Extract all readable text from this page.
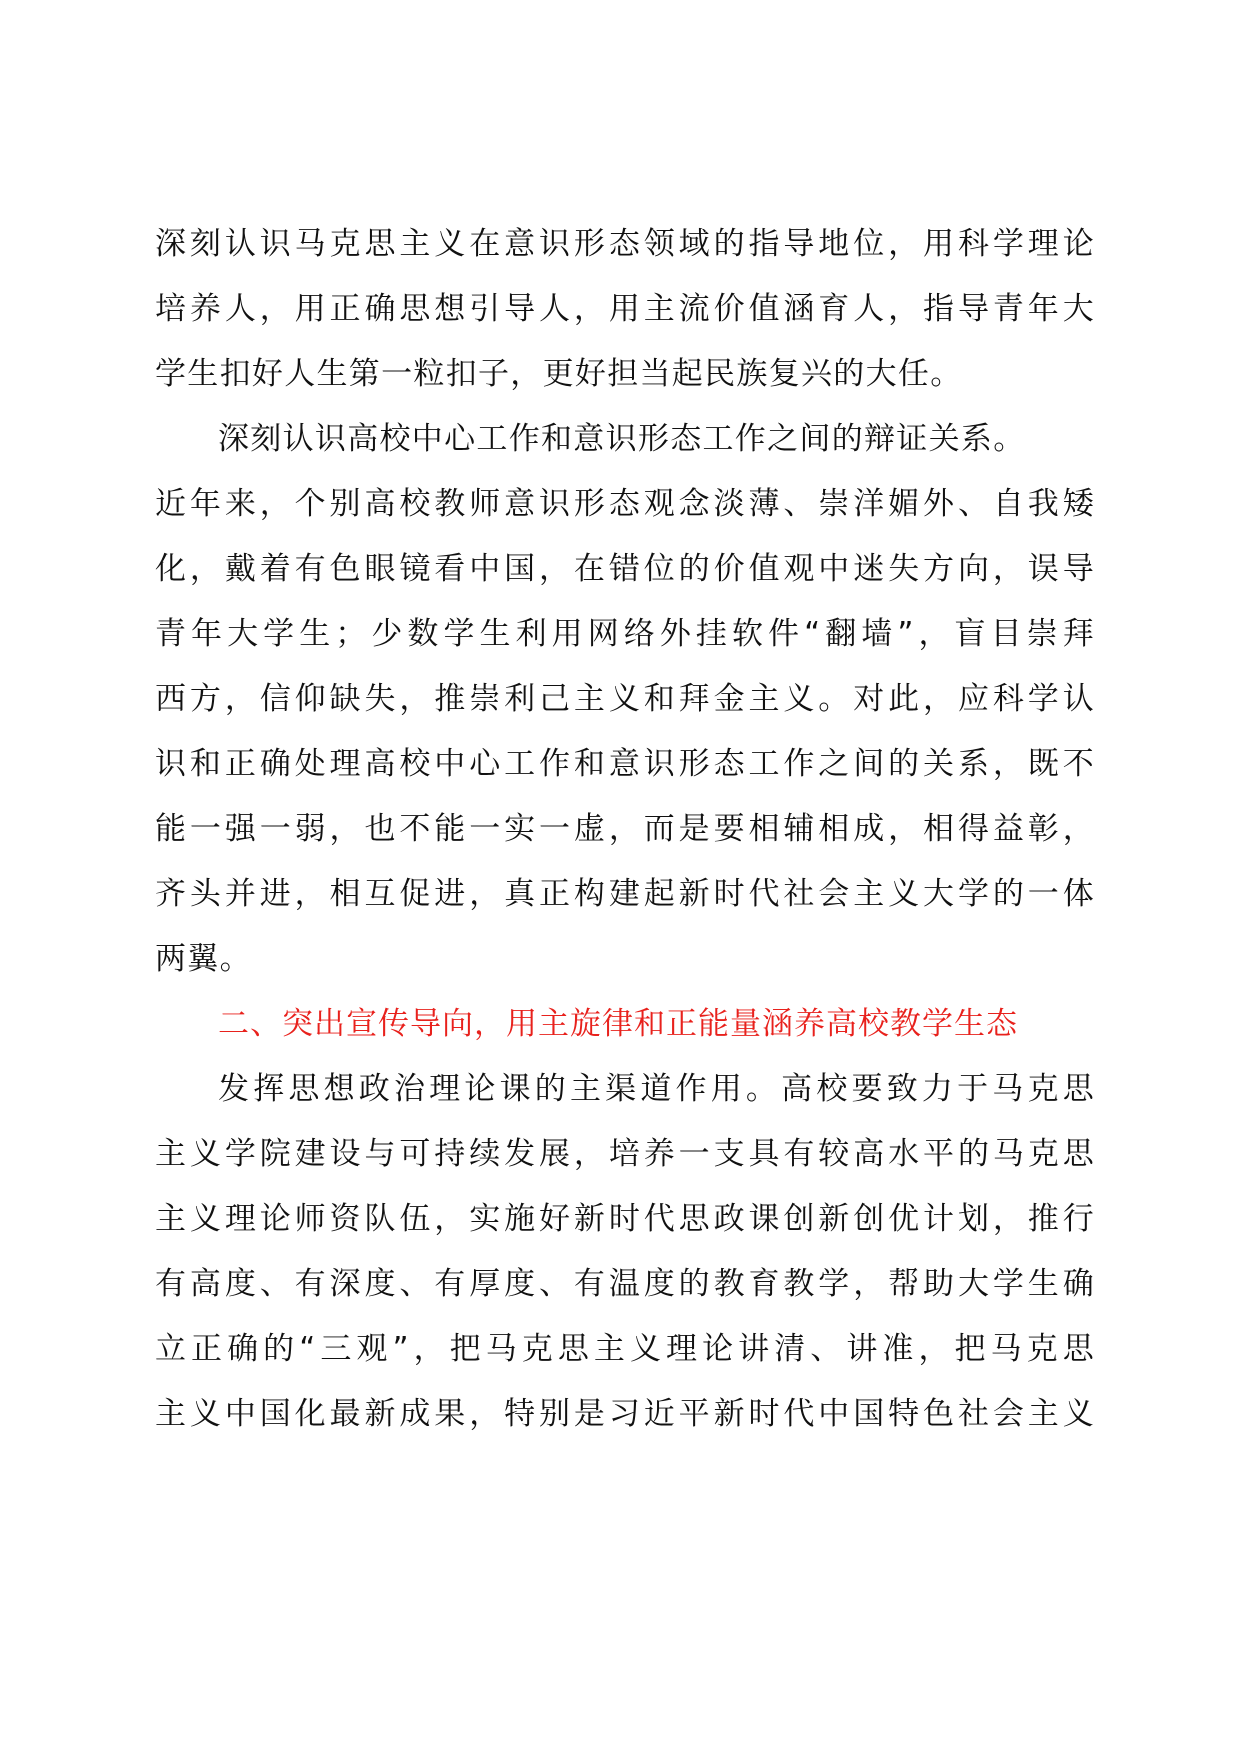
深刻认识马克思主义在意识形态领域的指导地位，用科学理论
培养人，用正确思想引导人，用主流价值涵育人，指导青年大
学生扣好人生第一粒扣子，更好担当起民族复兴的大任。
深刻认识高校中心工作和意识形态工作之间的辩证关系。
近年来，个别高校教师意识形态观念淡薄、崇洋媚外、自我矮
化，戴着有色眼镜看中国，在错位的价值观中迷失方向，误导
青年大学生；少数学生利用网络外挂软件“翻墙”，盲目崇拜
西方，信仰缺失，推崇利己主义和拜金主义。对此，应科学认
识和正确处理高校中心工作和意识形态工作之间的关系，既不
能一强一弱，也不能一实一虚，而是要相辅相成，相得益彰，
齐头并进，相互促进，真正构建起新时代社会主义大学的一体
两翼。
二、突出宣传导向，用主旋律和正能量涵养高校教学生态
发挥思想政治理论课的主渠道作用。高校要致力于马克思
主义学院建设与可持续发展，培养一支具有较高水平的马克思
主义理论师资队伍，实施好新时代思政课创新创优计划，推行
有高度、有深度、有厚度、有温度的教育教学，帮助大学生确
立正确的“三观”，把马克思主义理论讲清、讲准，把马克思
主义中国化最新成果，特别是习近平新时代中国特色社会主义
